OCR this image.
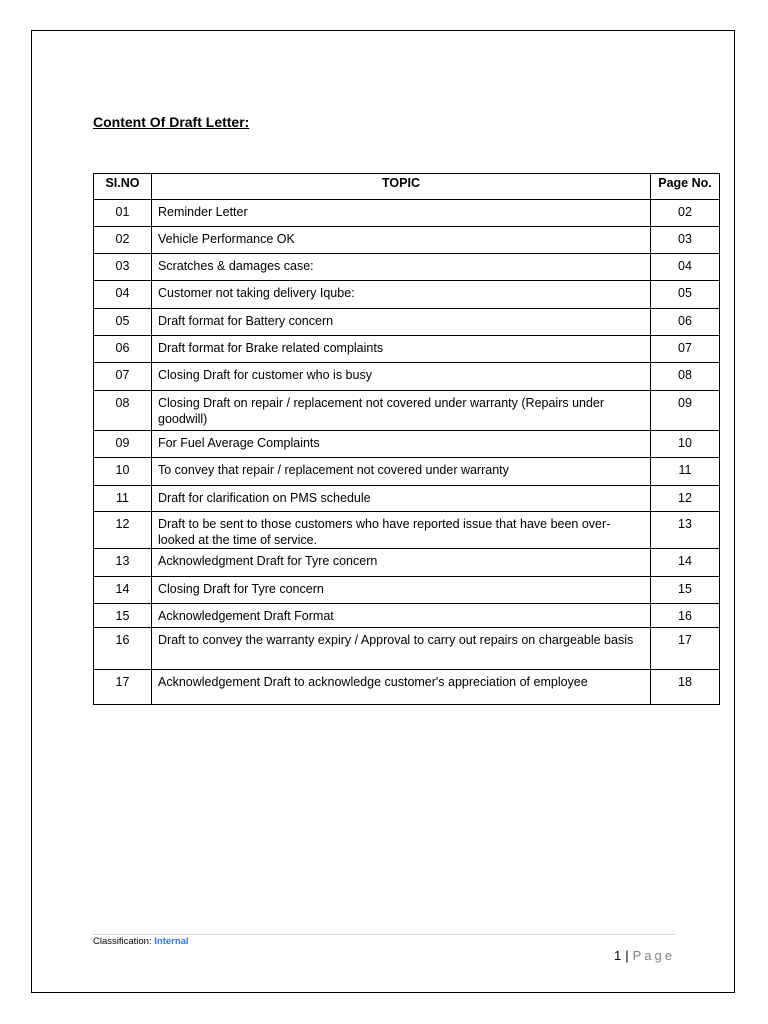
Content Of Draft Letter:
SI.NO	TOPIC	Page No.
01	Reminder Letter	02
02	Vehicle Performance OK	03
03	Scratches & damages case:	04
04	Customer not taking delivery Iqube:	05
05	Draft format for Battery concern	06
06	Draft format for Brake related complaints	07
07	Closing Draft for customer who is busy	08
08	Closing Draft on repair / replacement not covered under warranty (Repairs under goodwill)	09
09	For Fuel Average Complaints	10
10	To convey that repair / replacement not covered under warranty	11
11	Draft for clarification on PMS schedule	12
12	Draft to be sent to those customers who have reported issue that have been over-looked at the time of service.	13
13	Acknowledgment Draft for Tyre concern	14
14	Closing Draft for Tyre concern	15
15	Acknowledgement Draft Format	16
16	Draft to convey the warranty expiry / Approval to carry out repairs on chargeable basis	17
17	Acknowledgement Draft to acknowledge customer's appreciation of employee	18
Classification: Internal
1 | Page
